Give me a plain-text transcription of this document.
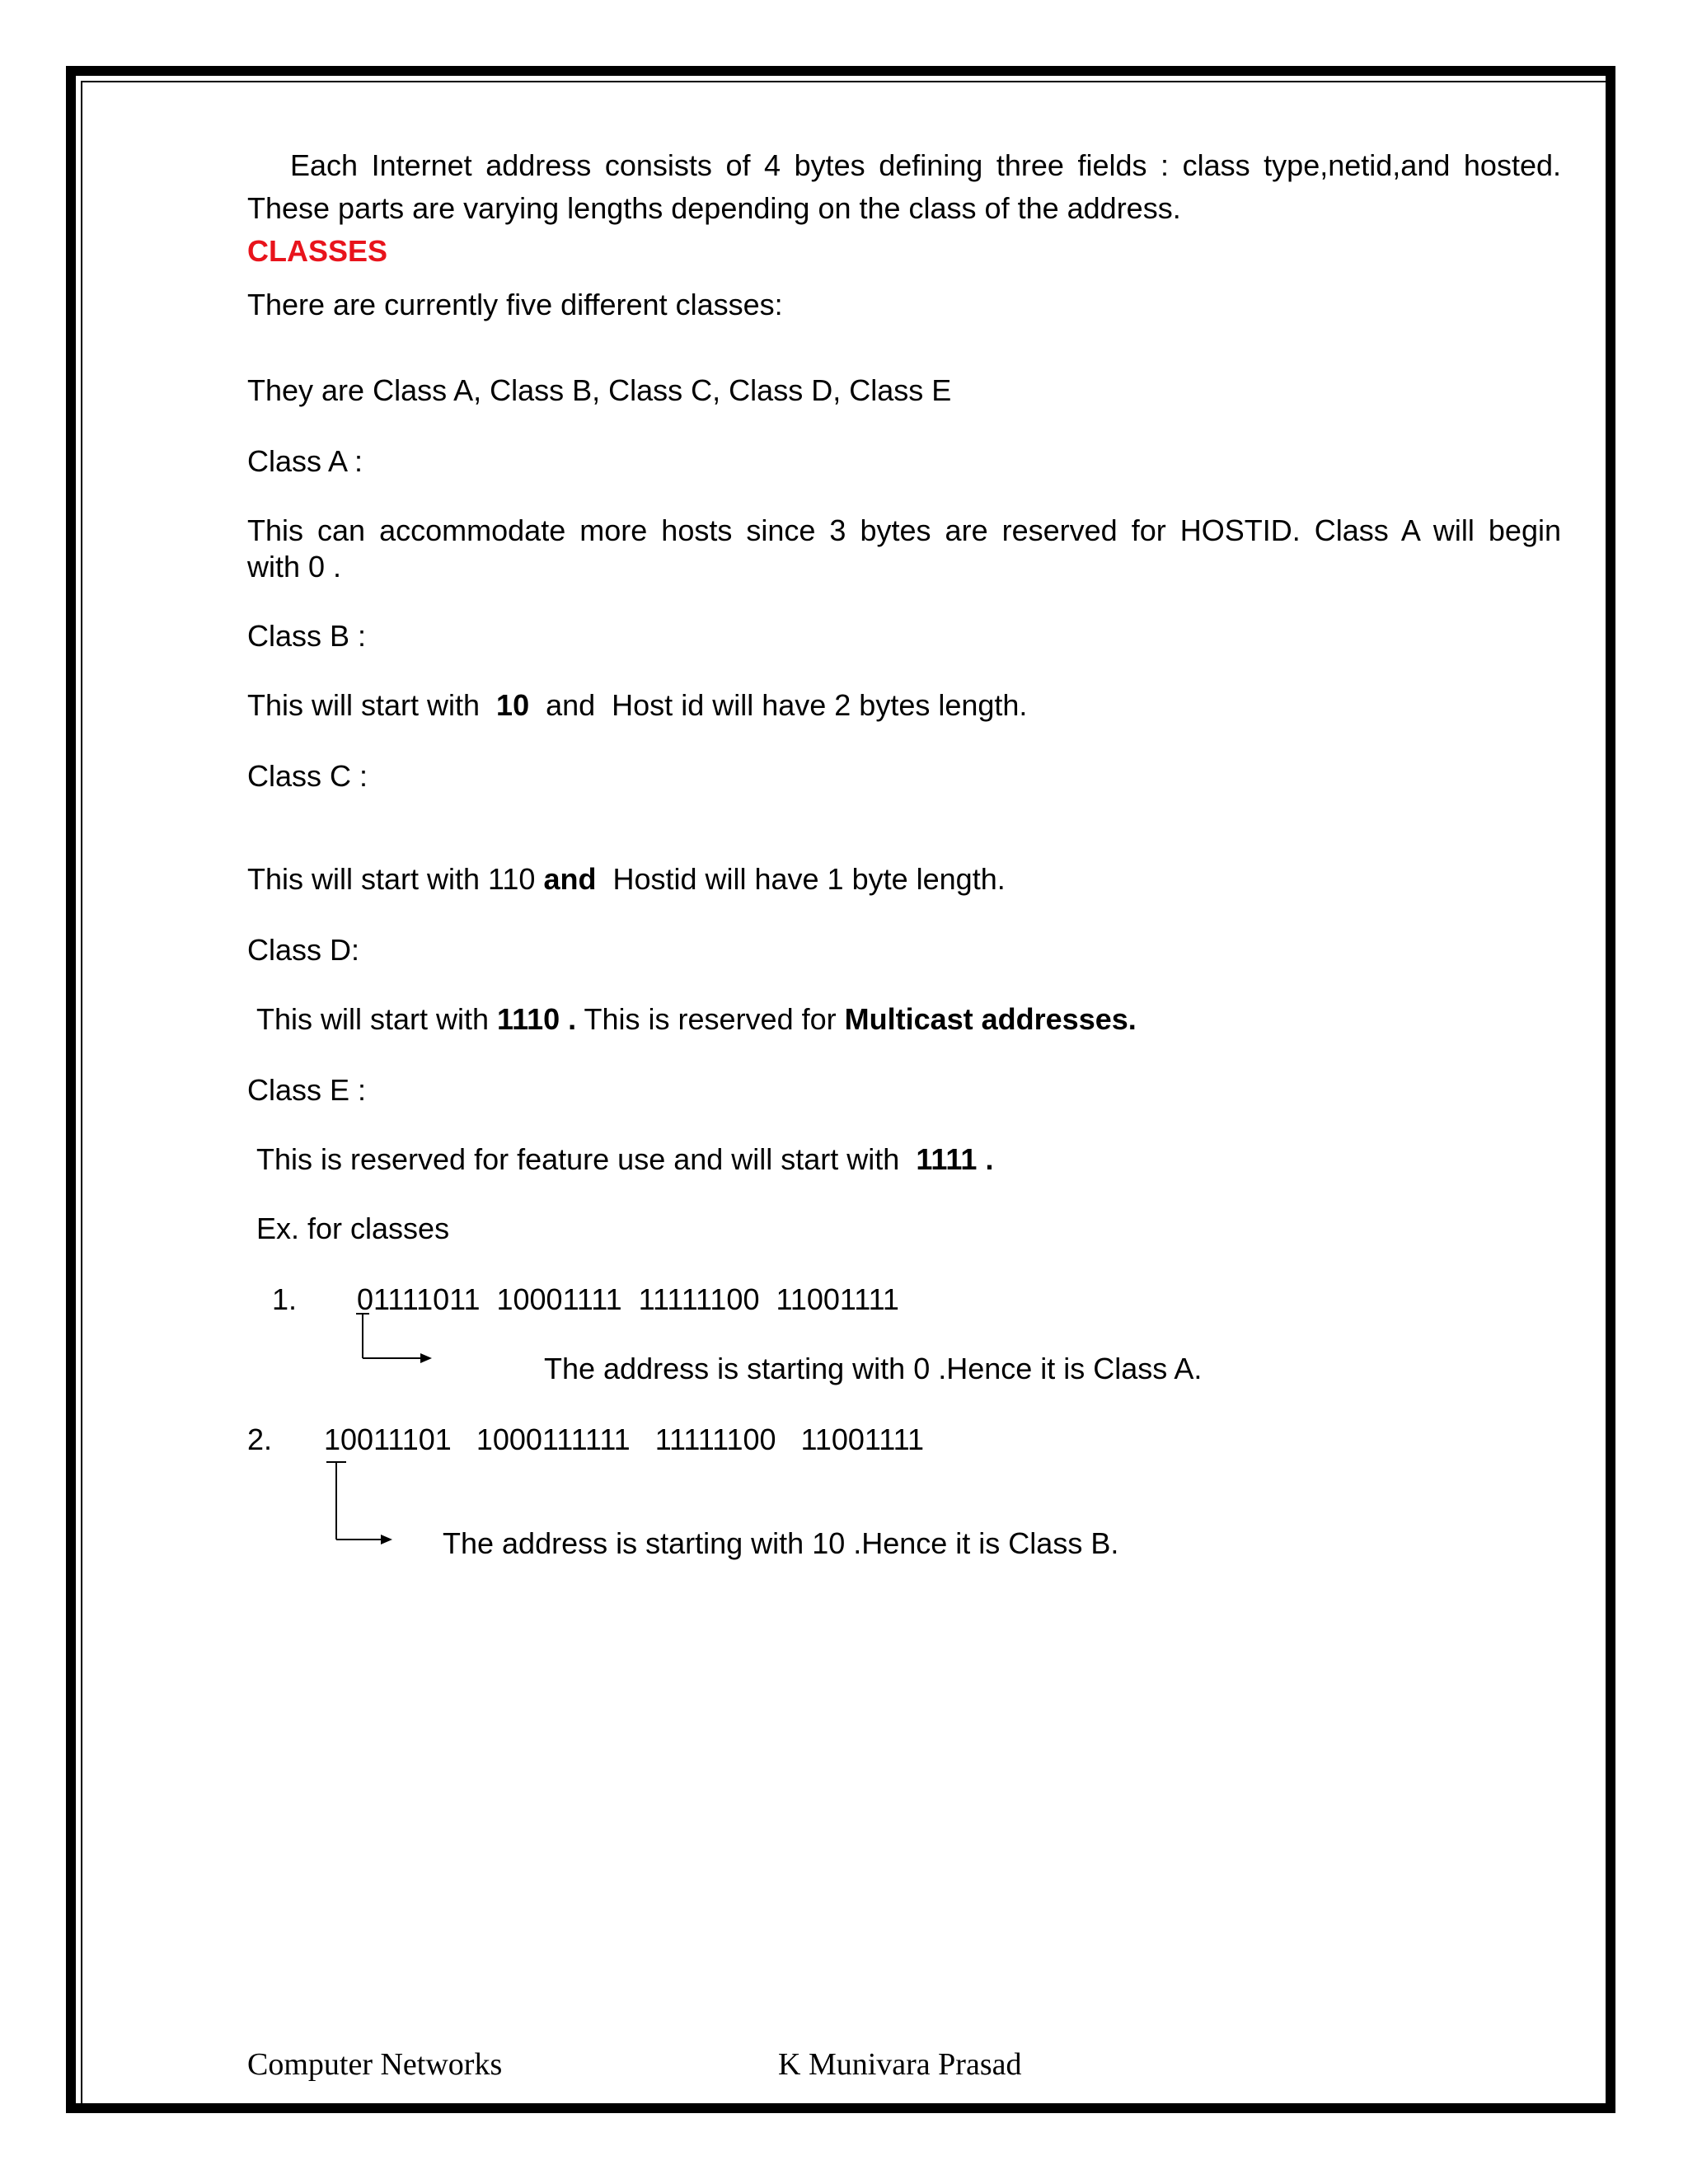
Each Internet address consists of 4 bytes defining three fields : class type,netid,and hosted.
These parts are varying lengths depending on the class of the address.
CLASSES
There are currently five different classes:
They are Class A, Class B, Class C, Class D, Class E
Class A :
This can accommodate more hosts since 3 bytes are reserved for HOSTID. Class A will begin
with 0 .
Class B :
This will start with  10  and  Host id will have 2 bytes length.
Class C :
This will start with 110 and  Hostid will have 1 byte length.
Class D:
This will start with 1110 . This is reserved for Multicast addresses.
Class E :
This is reserved for feature use and will start with  1111 .
Ex. for classes
1. 01111011  10001111  11111100  11001111
The address is starting with 0 .Hence it is Class A.
2. 10011101   1000111111   11111100   11001111
The address is starting with 10 .Hence it is Class B.
Computer Networks	K Munivara Prasad
